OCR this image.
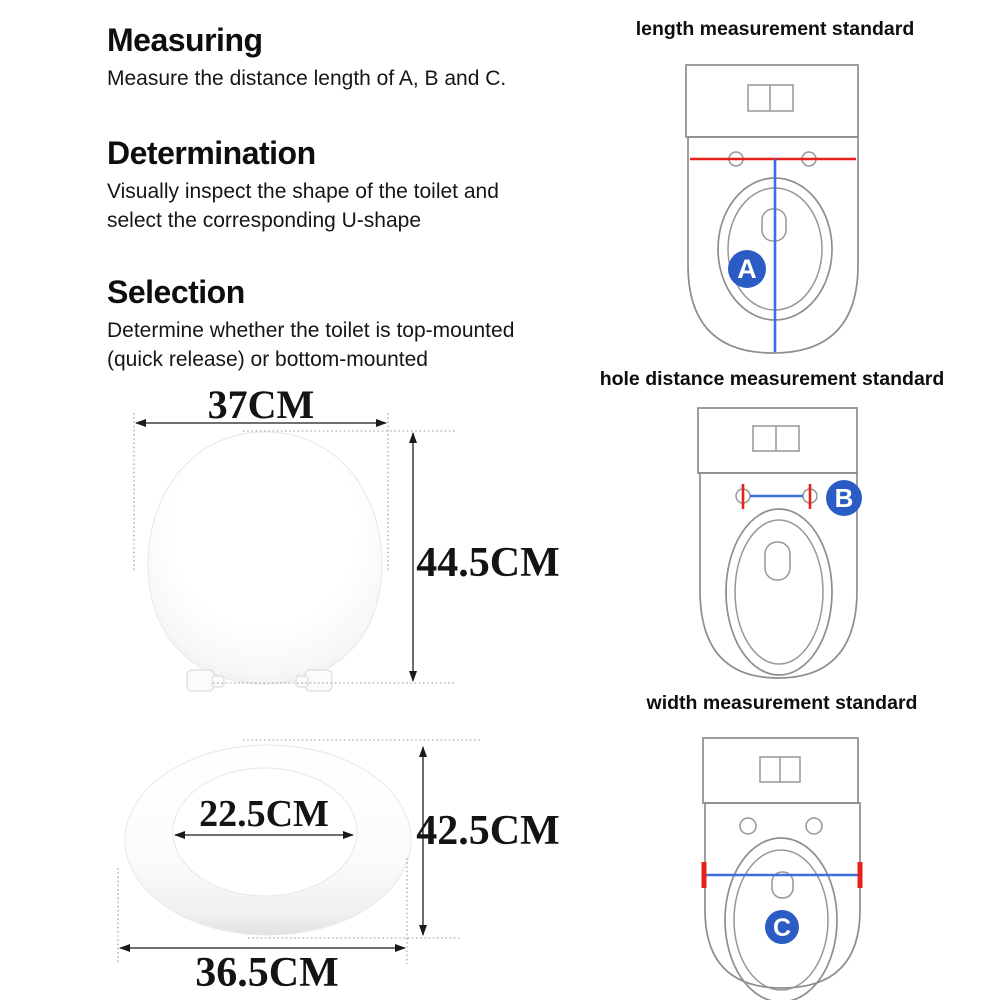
Measuring

Measure the distance length of A, B and C.

Determination

Visually inspect the shape of the toilet and select the corresponding U-shape

Selection

Determine whether the toilet is top-mounted (quick release) or bottom-mounted

37CM
44.5CM
42.5CM
22.5CM
36.5CM
length measurement standard
A
hole distance measurement standard
B
width measurement standard
C
